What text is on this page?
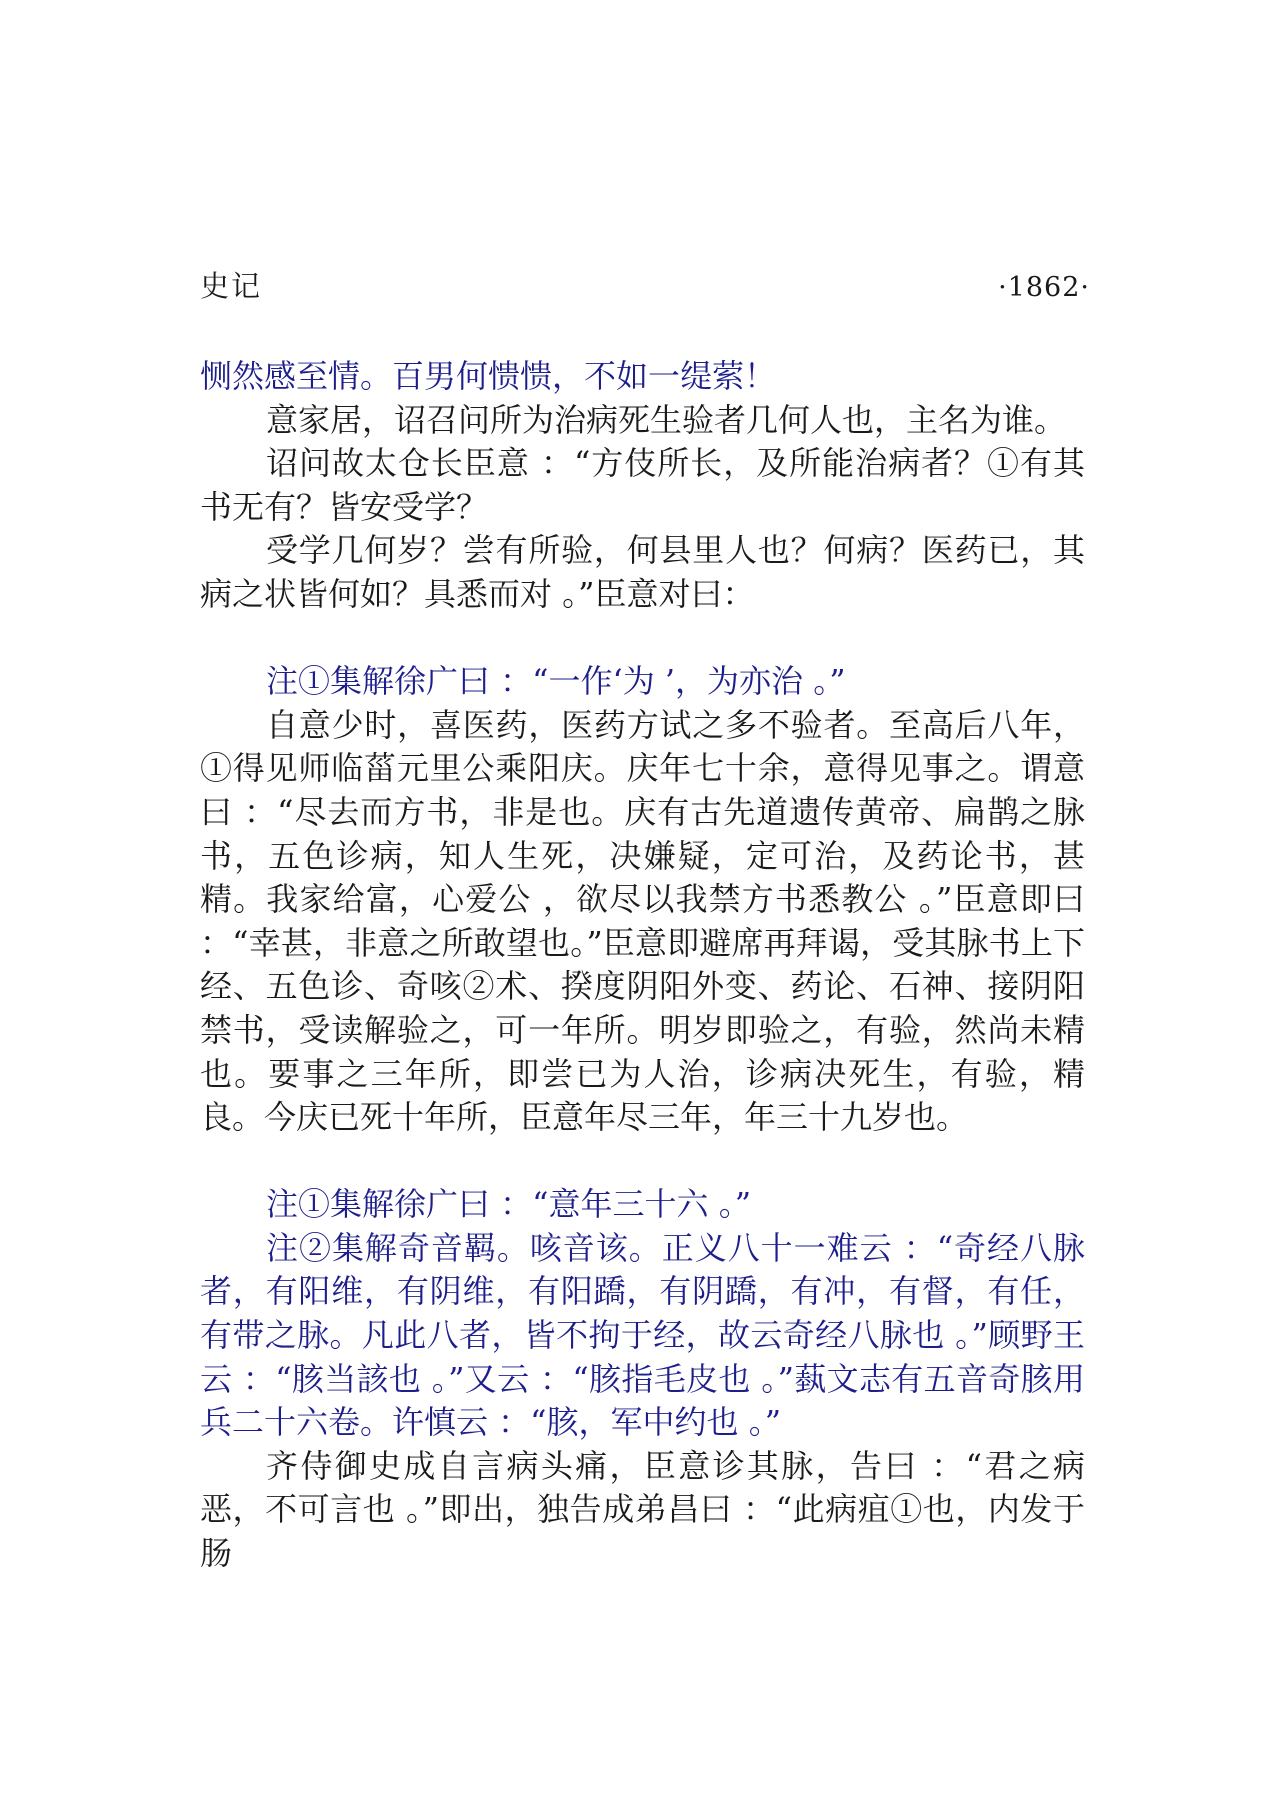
史记	·1862·

恻然感至情。百男何愦愦，不如一缇萦！

意家居，诏召问所为治病死生验者几何人也，主名为谁。

诏问故太仓长臣意 ：“方伎所长，及所能治病者？①有其书无有？皆安受学？

受学几何岁？尝有所验，何县里人也？何病？医药已，其病之状皆何如？具悉而对 。”臣意对曰：

注①集解徐广曰 ：“一作‘为 ’，为亦治 。”

自意少时，喜医药，医药方试之多不验者。至高后八年，①得见师临菑元里公乘阳庆。庆年七十余，意得见事之。谓意曰 ：“尽去而方书，非是也。庆有古先道遗传黄帝、扁鹊之脉书，五色诊病，知人生死，决嫌疑，定可治，及药论书，甚精。我家给富，心爱公 ，欲尽以我禁方书悉教公 。”臣意即曰 ：“幸甚，非意之所敢望也。”臣意即避席再拜谒，受其脉书上下经、五色诊、奇咳②术、揆度阴阳外变、药论、石神、接阴阳禁书，受读解验之，可一年所。明岁即验之，有验，然尚未精也。要事之三年所，即尝已为人治，诊病决死生，有验，精良。今庆已死十年所，臣意年尽三年，年三十九岁也。

注①集解徐广曰 ：“意年三十六 。”

注②集解奇音羁。咳音该。正义八十一难云 ：“奇经八脉者，有阳维，有阴维，有阳蹻，有阴蹻，有冲，有督，有任，有带之脉。凡此八者，皆不拘于经，故云奇经八脉也 。”顾野王云 ：“胲当該也 。”又云 ：“胲指毛皮也 。”蓺文志有五音奇胲用兵二十六卷。许慎云 ：“胲，军中约也 。”

齐侍御史成自言病头痛，臣意诊其脉，告曰 ：“君之病恶，不可言也 。”即出，独告成弟昌曰 ：“此病疽①也，内发于肠
